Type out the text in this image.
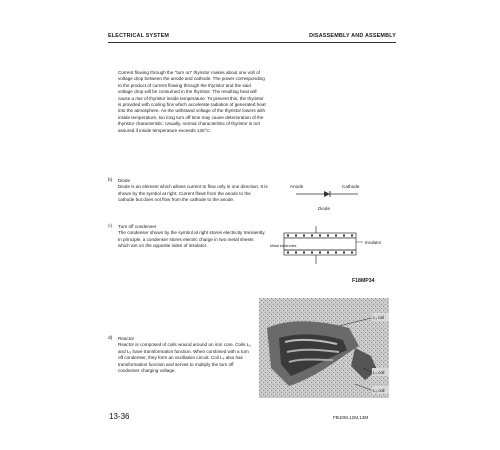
ELECTRICAL SYSTEM	DISASSEMBLY AND ASSEMBLY

Current flowing through the "turn on" thyristor makes about one volt of voltage drop between the anode and cathode. The power corresponding to the product of current flowing through the thyristor and the said voltage drop will be consumed in the thyristor. The resulting heat will cause a rise of thyristor inside temperature. To prevent this, the thyristor is provided with cooling fins which accelerate radiation of generated heat into the atmosphere. As the withstand voltage of the thyristor lowers with inside temperature, too long turn off time may cause deterioration of the thyristor characteristic. Usually, normal characteristic of thyristor is not assured if inside temperature exceeds 125°C.

b) Diode

Diode is an element which allows current to flow only in one direction. It is shown by the symbol at right. Current flows from the anode to the cathode but does not flow from the cathode to the anode.

Anode	Cathode
Diode
c) Turn off condenser

The condenser shown by the symbol at right stores electricity transiently. In principle, a condenser stores electric charge in two metal sheets which are on the opposite sides of insulator.

Insulator
Metal electrodes
F18MP34
d) Reactor

Reactor is composed of coils wound around an iron core. Coils L₁ and L₂ have transformation function. When combined with a turn off condenser, they form an oscillation circuit. Coil L₃ also has transformation function and serves to multiply the turn off condenser charging voltage.

L₁ coil
L₂ coil
L₃ coil
13-36	FB10M,12M,13M
